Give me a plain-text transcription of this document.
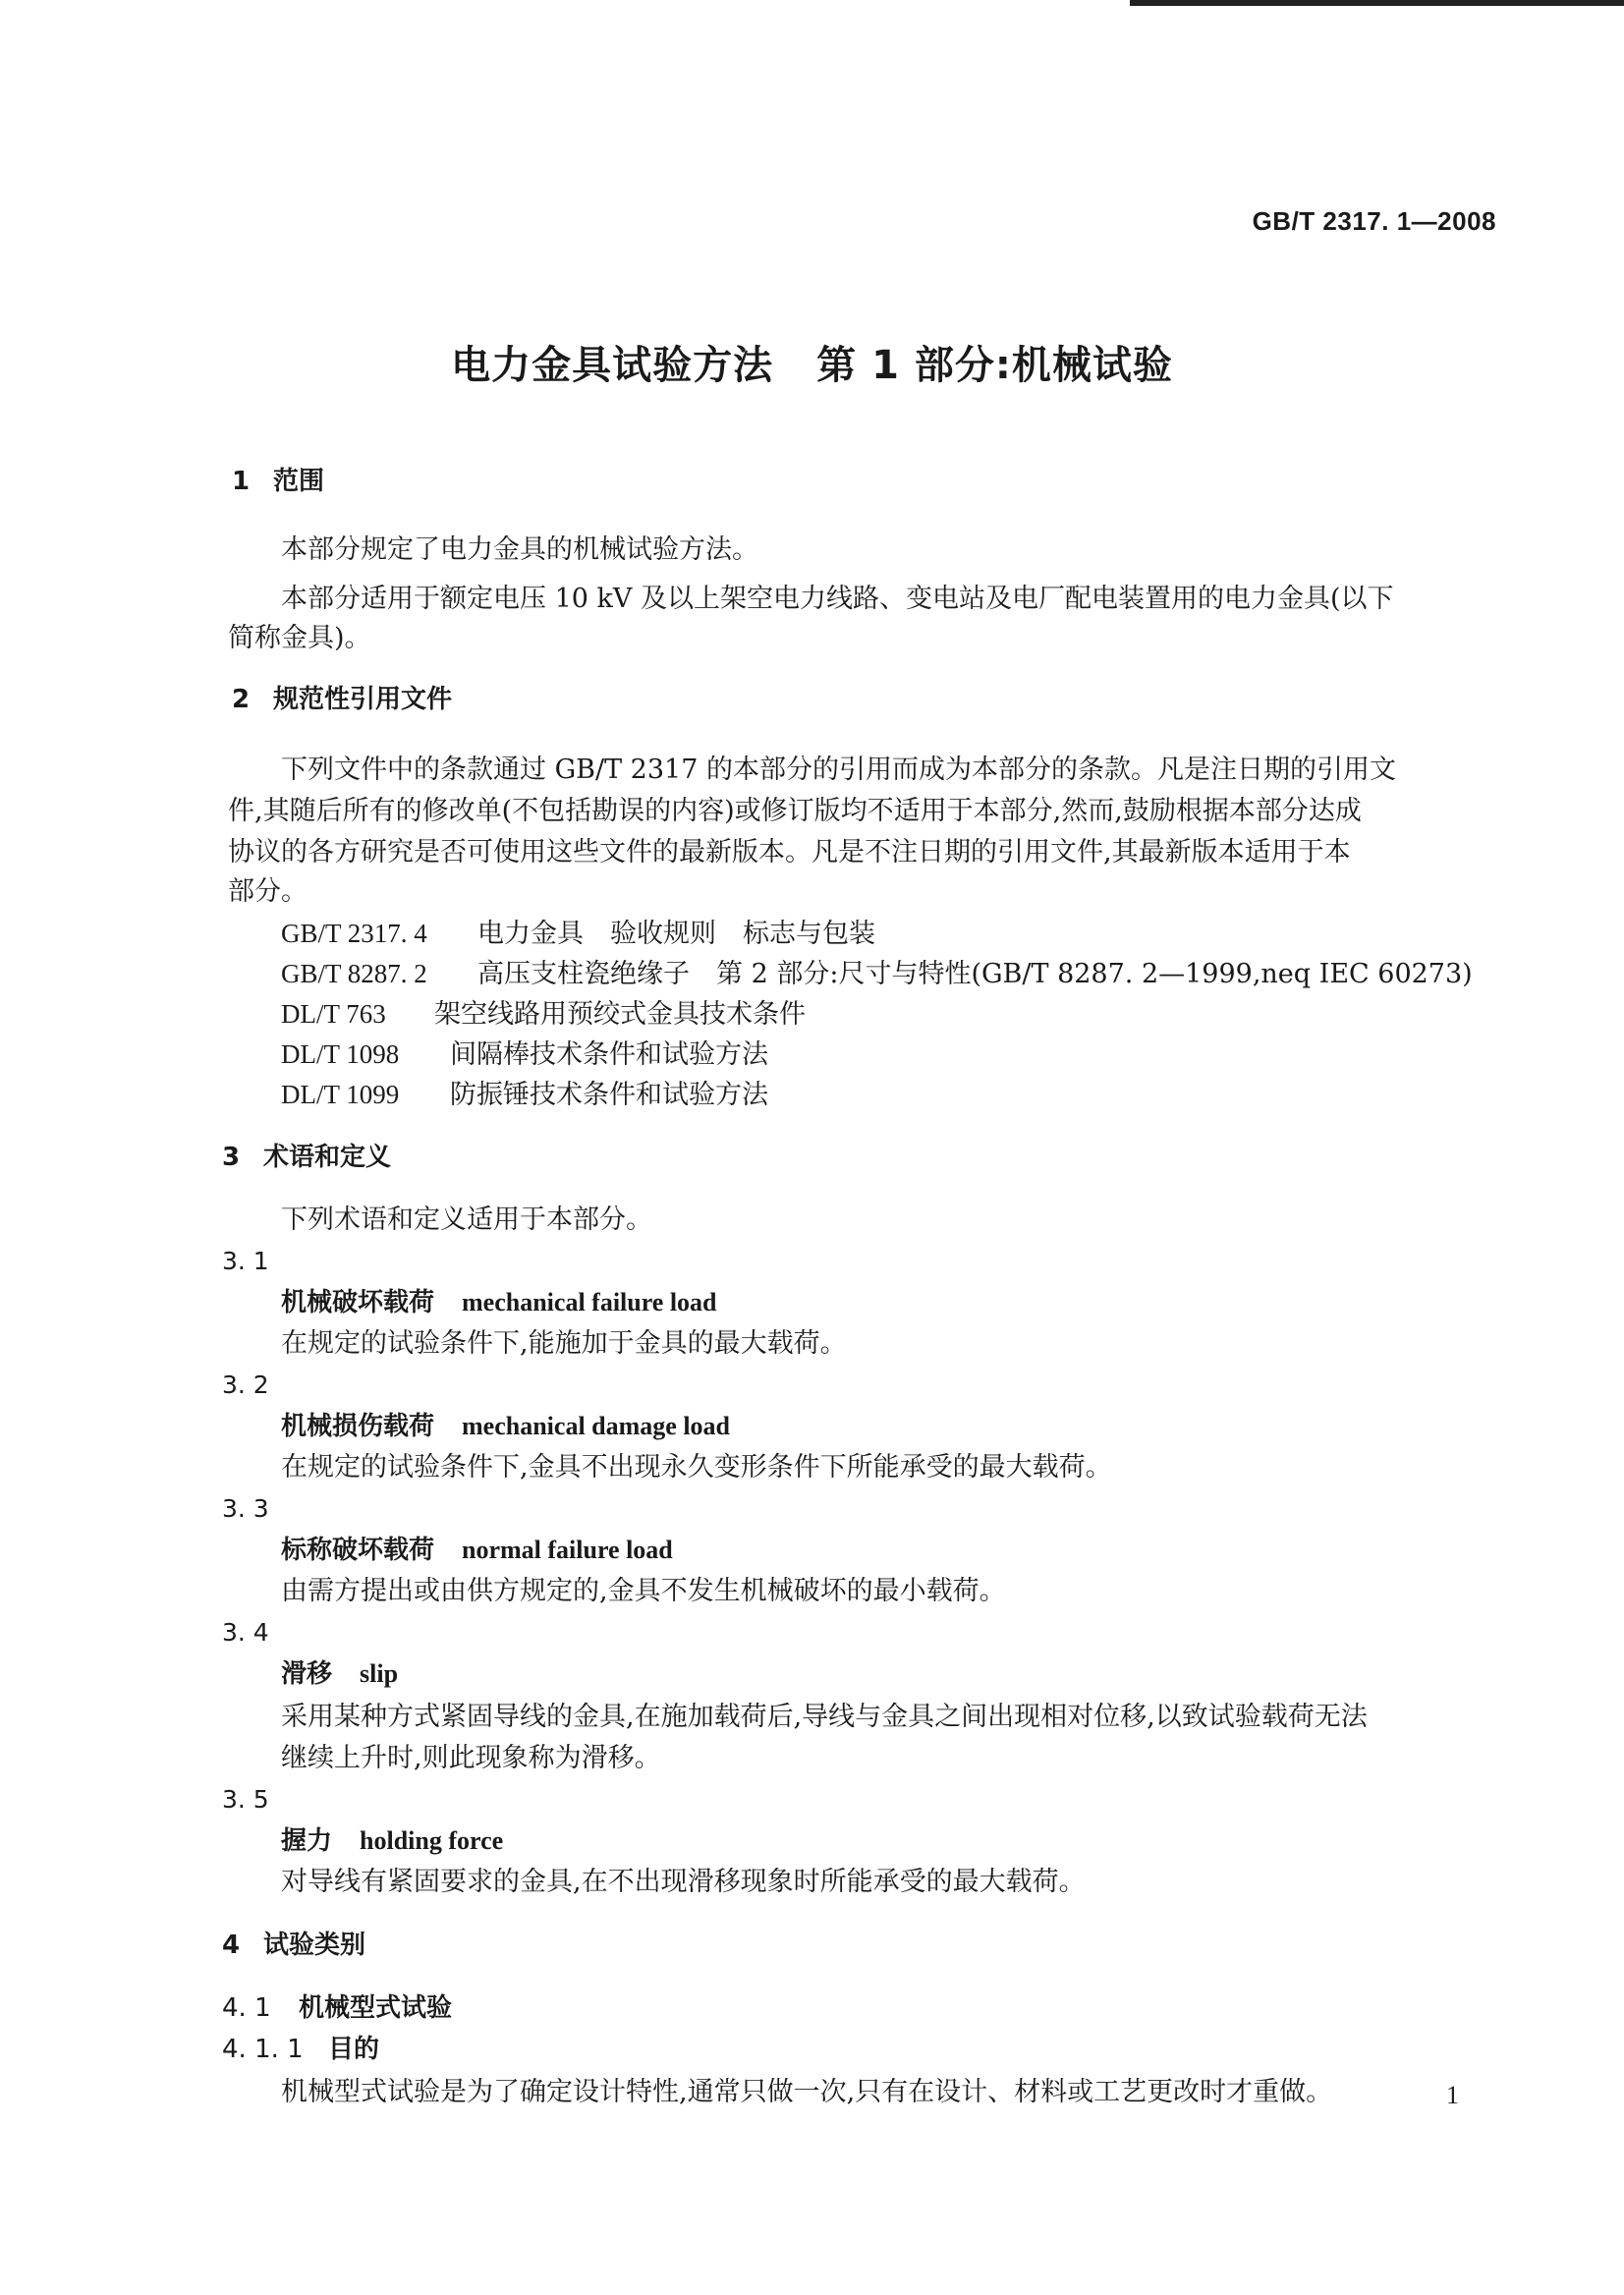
GB/T 2317. 1—2008
电力金具试验方法 第 1 部分:机械试验
1 范围
本部分规定了电力金具的机械试验方法。
本部分适用于额定电压 10 kV 及以上架空电力线路、变电站及电厂配电装置用的电力金具(以下
简称金具)。
2 规范性引用文件
下列文件中的条款通过 GB/T 2317 的本部分的引用而成为本部分的条款。凡是注日期的引用文
件,其随后所有的修改单(不包括勘误的内容)或修订版均不适用于本部分,然而,鼓励根据本部分达成
协议的各方研究是否可使用这些文件的最新版本。凡是不注日期的引用文件,其最新版本适用于本
部分。
GB/T 2317. 4 电力金具　验收规则　标志与包装
GB/T 8287. 2 高压支柱瓷绝缘子　第 2 部分:尺寸与特性(GB/T 8287. 2—1999,neq IEC 60273)
DL/T 763 架空线路用预绞式金具技术条件
DL/T 1098 间隔棒技术条件和试验方法
DL/T 1099 防振锤技术条件和试验方法
3 术语和定义
下列术语和定义适用于本部分。
3. 1
机械破坏载荷 mechanical failure load
在规定的试验条件下,能施加于金具的最大载荷。
3. 2
机械损伤载荷 mechanical damage load
在规定的试验条件下,金具不出现永久变形条件下所能承受的最大载荷。
3. 3
标称破坏载荷 normal failure load
由需方提出或由供方规定的,金具不发生机械破坏的最小载荷。
3. 4
滑移 slip
采用某种方式紧固导线的金具,在施加载荷后,导线与金具之间出现相对位移,以致试验载荷无法
继续上升时,则此现象称为滑移。
3. 5
握力 holding force
对导线有紧固要求的金具,在不出现滑移现象时所能承受的最大载荷。
4 试验类别
4. 1 机械型式试验
4. 1. 1 目的
机械型式试验是为了确定设计特性,通常只做一次,只有在设计、材料或工艺更改时才重做。	1
